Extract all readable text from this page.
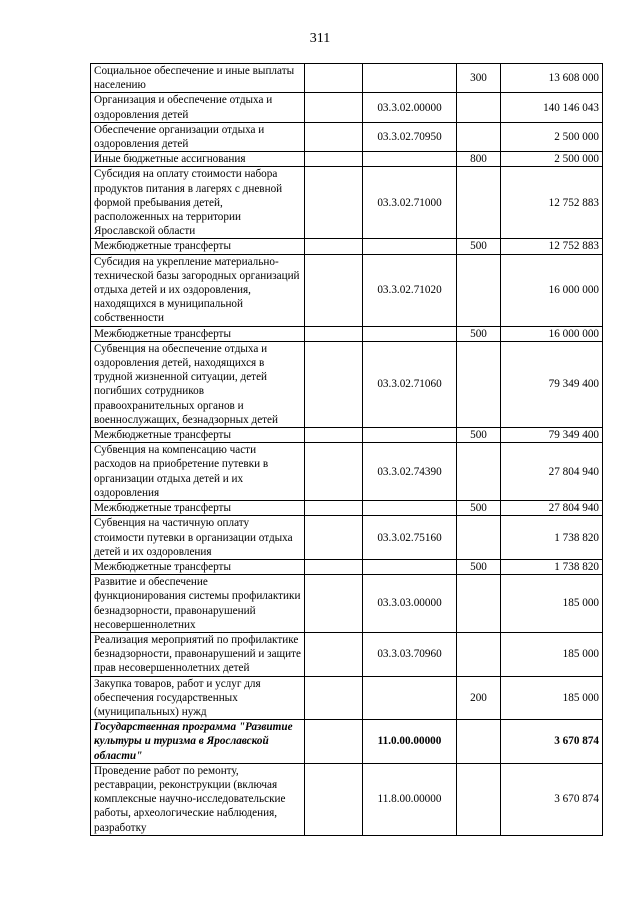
311
Социальное обеспечение и иные выплаты населению			300	13 608 000
Организация и обеспечение отдыха и оздоровления детей		03.3.02.00000		140 146 043
Обеспечение организации отдыха и оздоровления детей		03.3.02.70950		2 500 000
Иные бюджетные ассигнования			800	2 500 000
Субсидия на оплату стоимости набора продуктов питания в лагерях с дневной формой пребывания детей, расположенных на территории Ярославской области		03.3.02.71000		12 752 883
Межбюджетные трансферты			500	12 752 883
Субсидия на укрепление материально-технической базы загородных организаций отдыха детей и их оздоровления, находящихся в муниципальной собственности		03.3.02.71020		16 000 000
Межбюджетные трансферты			500	16 000 000
Субвенция на обеспечение отдыха и оздоровления детей, находящихся в трудной жизненной ситуации, детей погибших сотрудников правоохранительных органов и военнослужащих, безнадзорных детей		03.3.02.71060		79 349 400
Межбюджетные трансферты			500	79 349 400
Субвенция на компенсацию части расходов на приобретение путевки в организации отдыха детей и их оздоровления		03.3.02.74390		27 804 940
Межбюджетные трансферты			500	27 804 940
Субвенция на частичную оплату стоимости путевки в организации отдыха детей и их оздоровления		03.3.02.75160		1 738 820
Межбюджетные трансферты			500	1 738 820
Развитие и обеспечение функционирования системы профилактики безнадзорности, правонарушений несовершеннолетних		03.3.03.00000		185 000
Реализация мероприятий по профилактике безнадзорности, правонарушений и защите прав несовершеннолетних детей		03.3.03.70960		185 000
Закупка товаров, работ и услуг для обеспечения государственных (муниципальных) нужд			200	185 000
Государственная программа "Развитие культуры и туризма в Ярославской области"		11.0.00.00000		3 670 874
Проведение работ по ремонту, реставрации, реконструкции (включая комплексные научно-исследовательские работы, археологические наблюдения, разработку		11.8.00.00000		3 670 874
